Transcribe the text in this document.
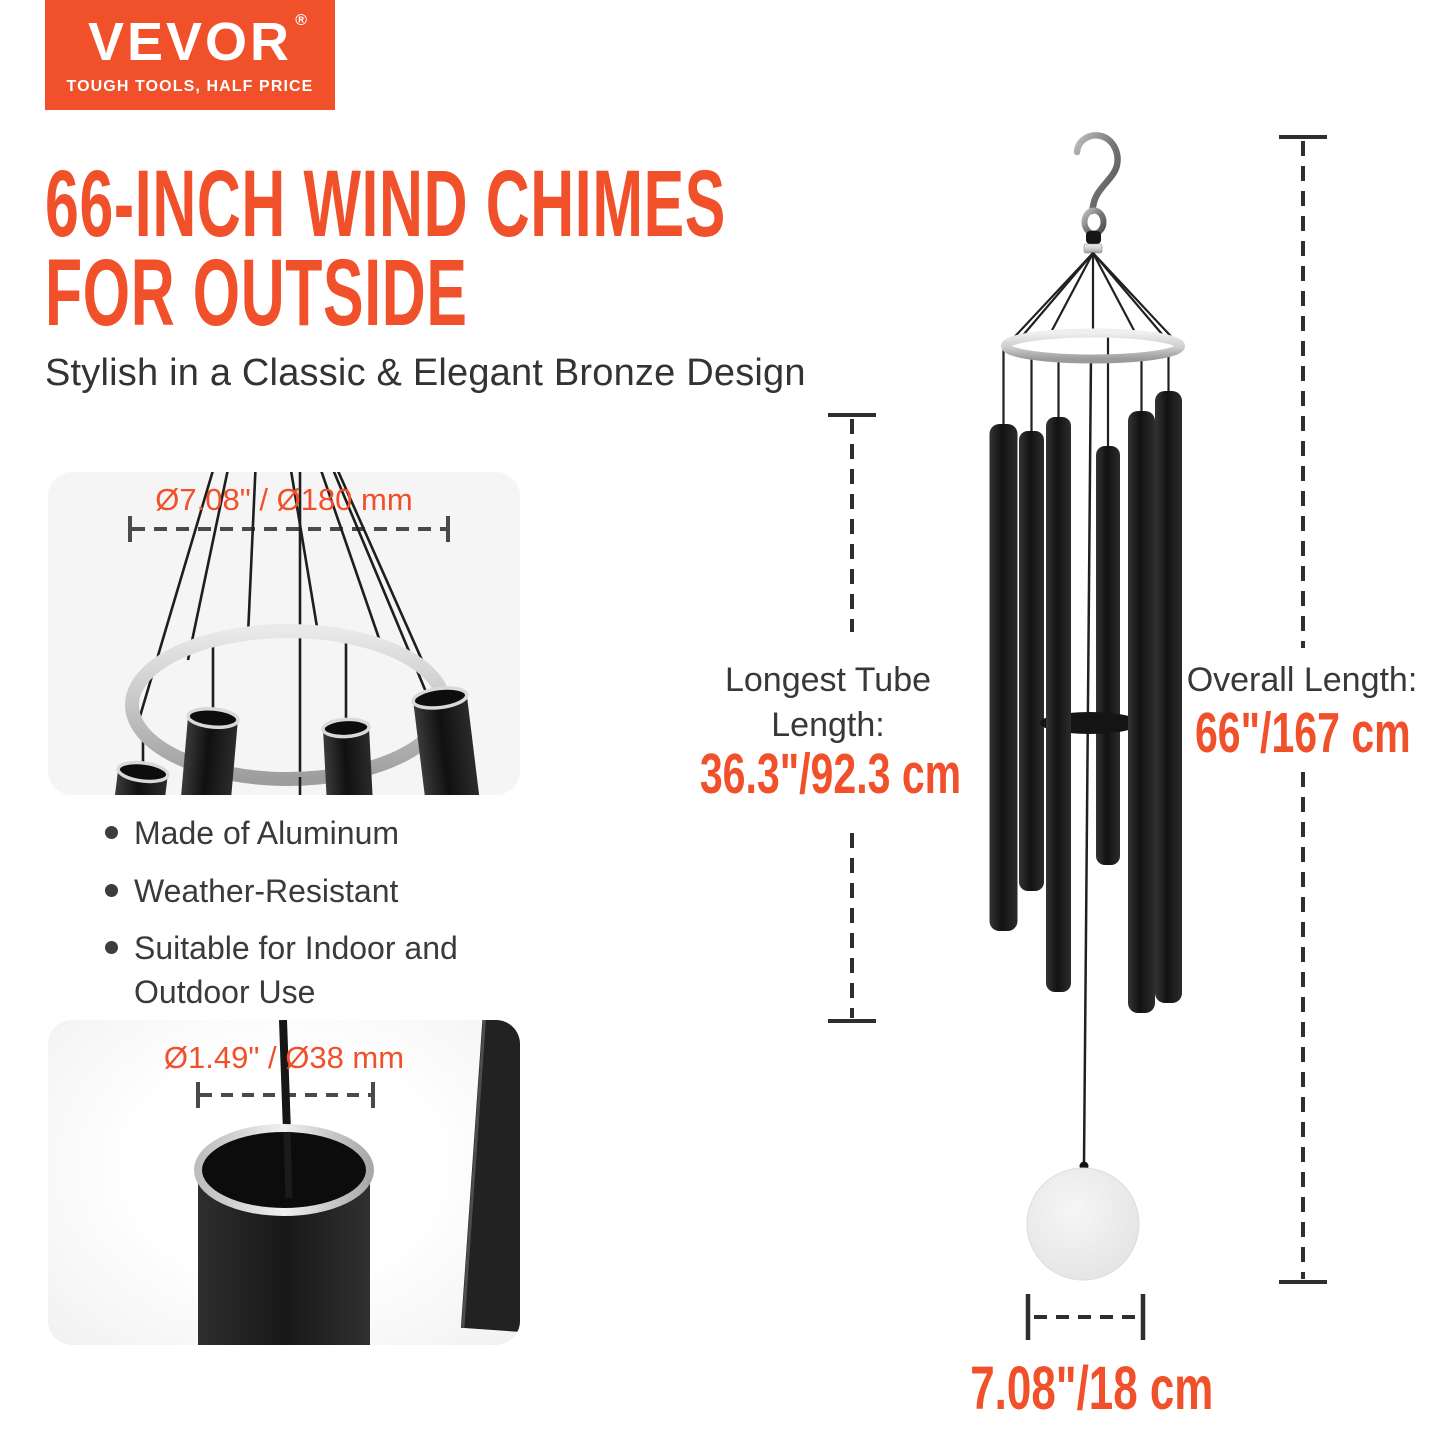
VEVOR ®
TOUGH TOOLS, HALF PRICE
66-INCH WIND CHIMES
FOR OUTSIDE
Stylish in a Classic & Elegant Bronze Design
Ø7.08" / Ø180 mm
Made of Aluminum
Weather-Resistant
Suitable for Indoor and Outdoor Use
Ø1.49" / Ø38 mm
Longest Tube
Length:
36.3"/92.3 cm
Overall Length:
66"/167 cm
7.08"/18 cm
